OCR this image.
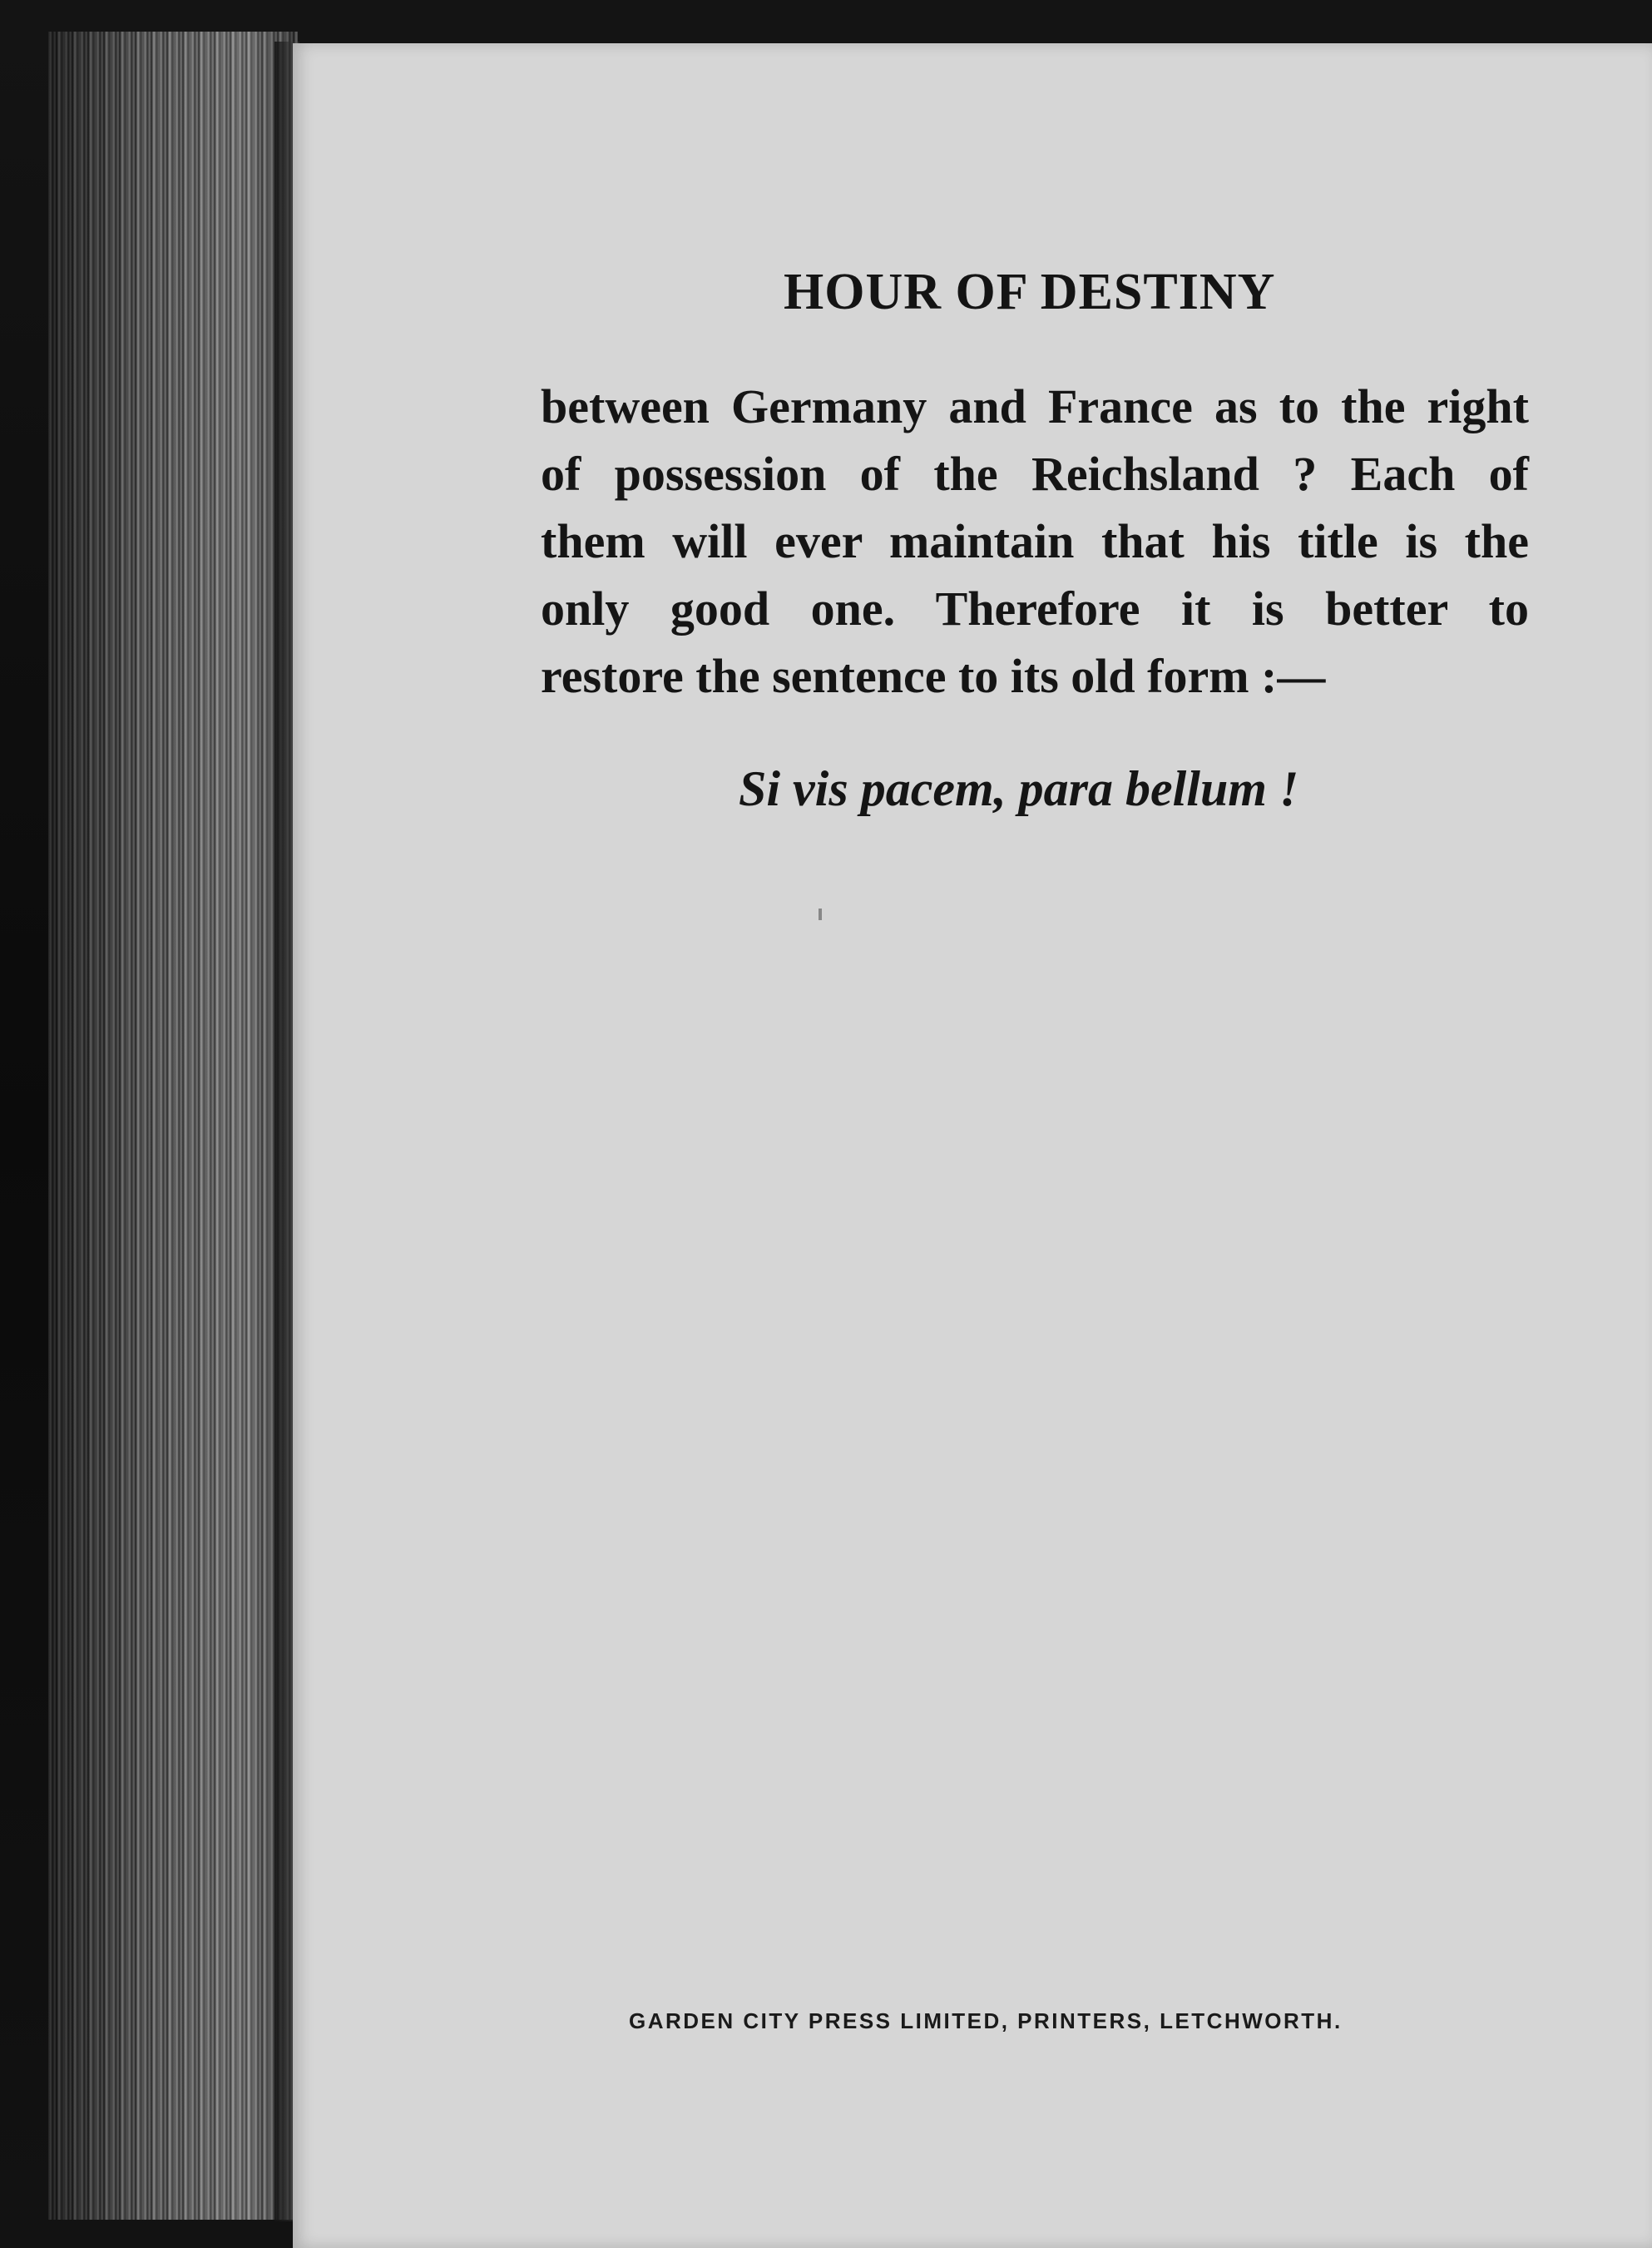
HOUR OF DESTINY

between Germany and France as to the right
of possession of the Reichsland ? Each of
them will ever maintain that his title is the
only good one. Therefore it is better to
restore the sentence to its old form :—

Si vis pacem, para bellum !

GARDEN CITY PRESS LIMITED, PRINTERS, LETCHWORTH.
